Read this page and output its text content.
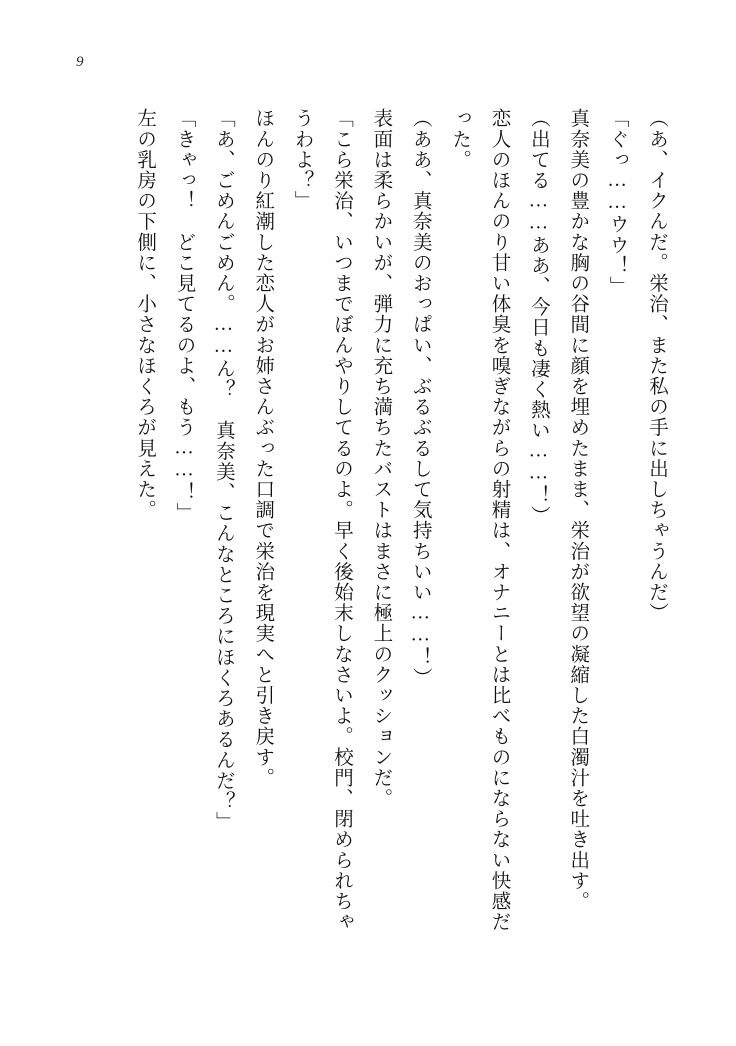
9

（あ、イクんだ。栄治、また私の手に出しちゃうんだ）

「ぐっ……ウウ！」

真奈美の豊かな胸の谷間に顔を埋めたまま、栄治が欲望の凝縮した白濁汁を吐き出す。

（出てる……ああ、今日も凄く熱い……！）

恋人のほんのり甘い体臭を嗅ぎながらの射精は、オナニーとは比べものにならない快感だった。

（ああ、真奈美のおっぱい、ぶるぶるして気持ちいい……！）

表面は柔らかいが、弾力に充ち満ちたバストはまさに極上のクッションだ。

「こら栄治、いつまでぼんやりしてるのよ。早く後始末しなさいよ。校門、閉められちゃうわよ？」

ほんのり紅潮した恋人がお姉さんぶった口調で栄治を現実へと引き戻す。

「あ、ごめんごめん。……ん？　真奈美、こんなところにほくろあるんだ？」

「きゃっ！　どこ見てるのよ、もう……！」

左の乳房の下側に、小さなほくろが見えた。
